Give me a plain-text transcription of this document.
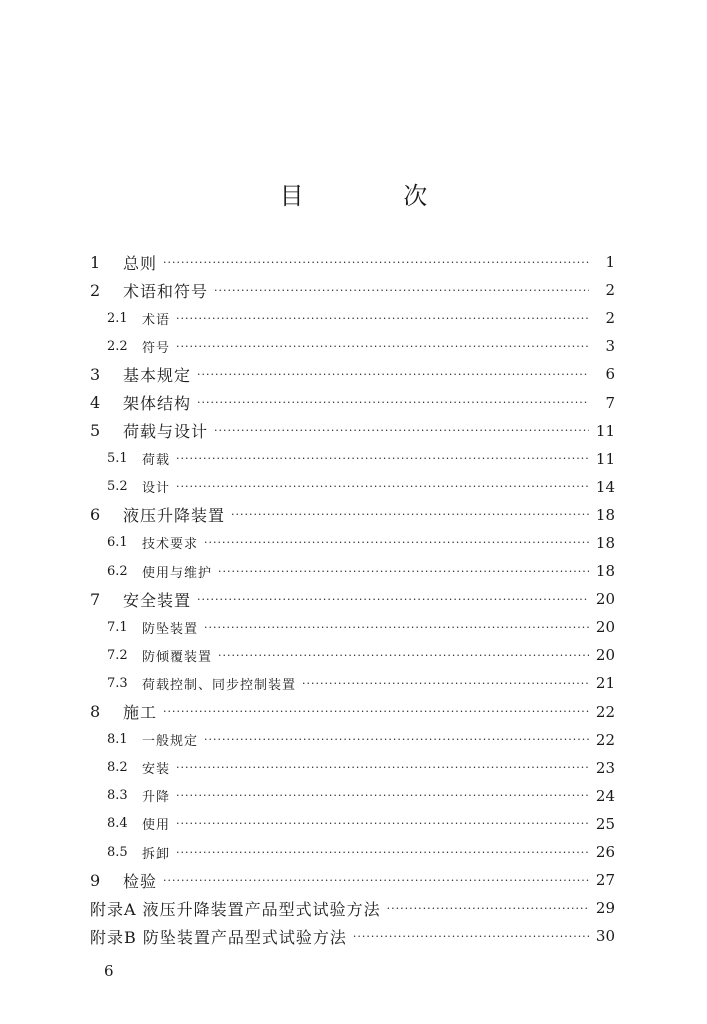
目 次
1	总则 ·····	1
2	术语和符号 ·····	2
2.1	术语 ·····	2
2.2	符号 ·····	3
3	基本规定 ·····	6
4	架体结构 ·····	7
5	荷载与设计 ·····	11
5.1	荷载 ·····	11
5.2	设计 ·····	14
6	液压升降装置 ·····	18
6.1	技术要求 ·····	18
6.2	使用与维护 ·····	18
7	安全装置 ·····	20
7.1	防坠装置 ·····	20
7.2	防倾覆装置 ·····	20
7.3	荷载控制、同步控制装置 ·····	21
8	施工 ·····	22
8.1	一般规定 ·····	22
8.2	安装 ·····	23
8.3	升降 ·····	24
8.4	使用 ·····	25
8.5	拆卸 ·····	26
9	检验 ·····	27
附录A 液压升降装置产品型式试验方法 ·····	29
附录B 防坠装置产品型式试验方法 ·····	30
6
